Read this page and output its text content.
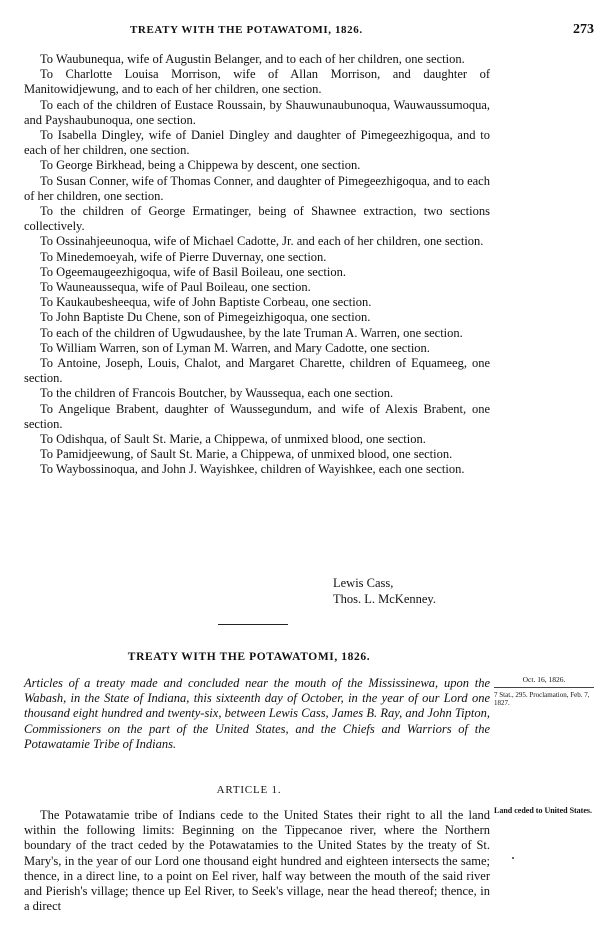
TREATY WITH THE POTAWATOMI, 1826.	273

To Waubunequa, wife of Augustin Belanger, and to each of her children, one section.

To Charlotte Louisa Morrison, wife of Allan Morrison, and daughter of Manitowidjewung, and to each of her children, one section.

To each of the children of Eustace Roussain, by Shauwunaubunoqua, Wauwaussumoqua, and Payshaubunoqua, one section.

To Isabella Dingley, wife of Daniel Dingley and daughter of Pimegeezhigoqua, and to each of her children, one section.

To George Birkhead, being a Chippewa by descent, one section.

To Susan Conner, wife of Thomas Conner, and daughter of Pimegeezhigoqua, and to each of her children, one section.

To the children of George Ermatinger, being of Shawnee extraction, two sections collectively.

To Ossinahjeeunoqua, wife of Michael Cadotte, Jr. and each of her children, one section.

To Minedemoeyah, wife of Pierre Duvernay, one section.

To Ogeemaugeezhigoqua, wife of Basil Boileau, one section.

To Wauneaussequa, wife of Paul Boileau, one section.

To Kaukaubesheequa, wife of John Baptiste Corbeau, one section.

To John Baptiste Du Chene, son of Pimegeizhigoqua, one section.

To each of the children of Ugwudaushee, by the late Truman A. Warren, one section.

To William Warren, son of Lyman M. Warren, and Mary Cadotte, one section.

To Antoine, Joseph, Louis, Chalot, and Margaret Charette, children of Equameeg, one section.

To the children of Francois Boutcher, by Waussequa, each one section.

To Angelique Brabent, daughter of Waussegundum, and wife of Alexis Brabent, one section.

To Odishqua, of Sault St. Marie, a Chippewa, of unmixed blood, one section.

To Pamidjeewung, of Sault St. Marie, a Chippewa, of unmixed blood, one section.

To Waybossinoqua, and John J. Wayishkee, children of Wayishkee, each one section.

Lewis Cass,
Thos. L. McKenney.
TREATY WITH THE POTAWATOMI, 1826.
Articles of a treaty made and concluded near the mouth of the Mississinewa, upon the Wabash, in the State of Indiana, this sixteenth day of October, in the year of our Lord one thousand eight hundred and twenty-six, between Lewis Cass, James B. Ray, and John Tipton, Commissioners on the part of the United States, and the Chiefs and Warriors of the Potawatamie Tribe of Indians.
Oct. 16, 1826.
7 Stat., 295. Proclamation, Feb. 7, 1827.
ARTICLE 1.
Land ceded to United States.

The Potawatamie tribe of Indians cede to the United States their right to all the land within the following limits: Beginning on the Tippecanoe river, where the Northern boundary of the tract ceded by the Potawatamies to the United States by the treaty of St. Mary's, in the year of our Lord one thousand eight hundred and eighteen intersects the same; thence, in a direct line, to a point on Eel river, half way between the mouth of the said river and Pierish's village; thence up Eel River, to Seek's village, near the head thereof; thence, in a direct
